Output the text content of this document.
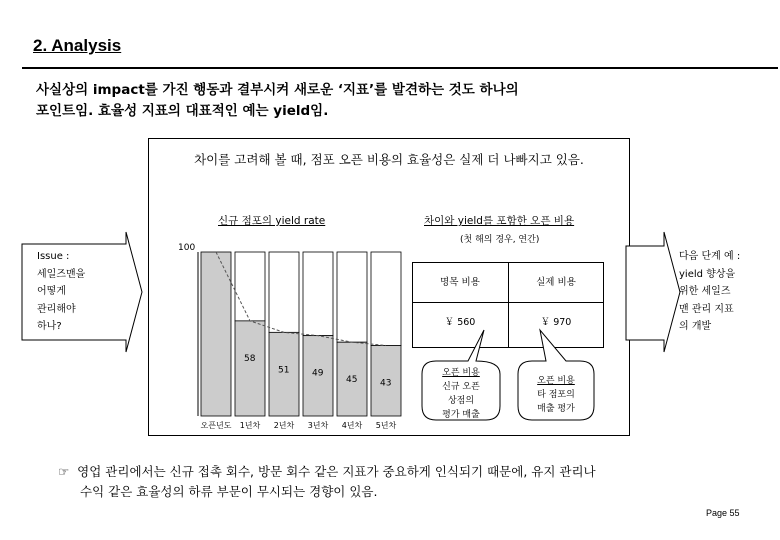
2. Analysis
사실상의 impact를 가진 행동과 결부시켜 새로운 ‘지표’를 발견하는 것도 하나의
포인트임. 효율성 지표의 대표적인 예는 yield임.
차이를 고려해 볼 때, 점포 오픈 비용의 효율성은 실제 더 나빠지고 있음.
신규 점포의 yield rate	차이와 yield를 포함한 오픈 비용
(첫 해의 경우, 연간)
Issue :
세일즈맨을
어떻게
관리해야
하나?
다음 단계 예 :
yield 향상을
위한 세일즈
맨 관리 지표
의 개발
100
오픈년도
58
1년차
51
2년차
49
3년차
45
4년차
43
5년차
명목 비용	실제 비용
￥ 560	￥ 970
오픈 비용
신규 오픈
상점의
평가 매출
오픈 비용
타 점포의
매출 평가
☞ 영업 관리에서는 신규 접촉 회수, 방문 회수 같은 지표가 중요하게 인식되기 때문에, 유지 관리나
수익 같은 효율성의 하류 부문이 무시되는 경향이 있음.
Page 55
